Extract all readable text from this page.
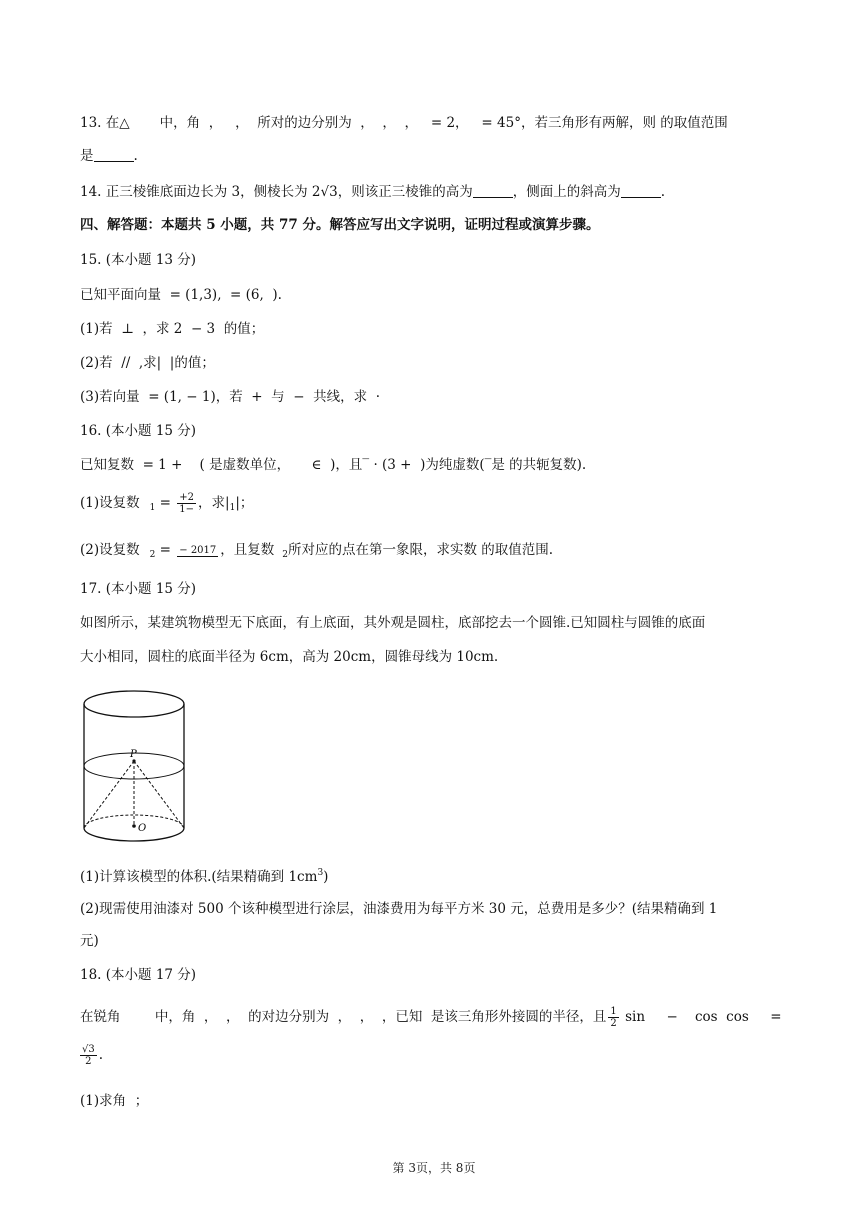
13. 在△       中，角  ，   ，  所对的边分别为  ，  ，  ，   = 2，   = 45°，若三角形有两解，则 的取值范围
是	.
14. 正三棱锥底面边长为 3，侧棱长为 2√3，则该正三棱锥的高为	，侧面上的斜高为	.
四、解答题：本题共 5 小题，共 77 分。解答应写出文字说明，证明过程或演算步骤。
15. (本小题 13 分)
已知平面向量  = (1,3),  = (6,  ).
(1)若  ⊥  ，求 2  − 3  的值；
(2)若  //  ,求|  |的值；
(3)若向量  = (1, − 1)，若  +  与  −  共线，求  ·
16. (本小题 15 分)
已知复数  = 1 +    ( 是虚数单位，     ∈  )，且‾ · (3 +  )为纯虚数(‾是 的共轭复数).
(1)设复数 $_1 = \frac{+2}{1-}$ ，求$|_1|$；
(2)设复数 $_2$ = − 2017 ，且复数 $_2$所对应的点在第一象限，求实数 的取值范围.
17. (本小题 15 分)
如图所示，某建筑物模型无下底面，有上底面，其外观是圆柱，底部挖去一个圆锥.已知圆柱与圆锥的底面
大小相同，圆柱的底面半径为 6cm，高为 20cm，圆锥母线为 10cm.
P
O
(1)计算该模型的体积.(结果精确到 $1cm^3$)
(2)现需使用油漆对 500 个该种模型进行涂层，油漆费用为每平方米 30 元，总费用是多少？(结果精确到 1
元)
18. (本小题 17 分)
在锐角        中，角  ，  ，  的对边分别为  ，  ，  ，已知  是该三角形外接圆的半径，且 $\frac{1}{2}$ sin     −    cos  cos     =
$\frac{√3}{2}$ .
(1)求角  ；
第 3页，共 8页
